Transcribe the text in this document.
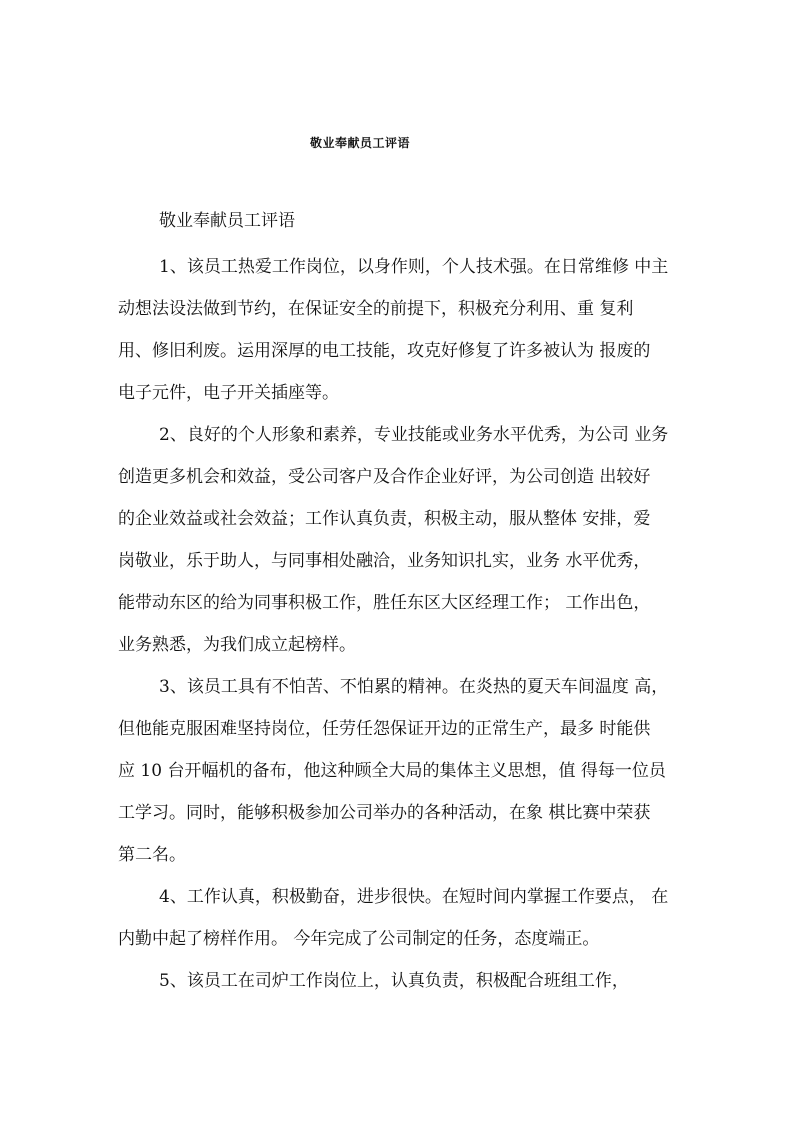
敬业奉献员工评语
敬业奉献员工评语
1、该员工热爱工作岗位，以身作则，个人技术强。在日常维修 中主
动想法设法做到节约，在保证安全的前提下，积极充分利用、重 复利
用、修旧利废。运用深厚的电工技能，攻克好修复了许多被认为 报废的
电子元件，电子开关插座等。
2、良好的个人形象和素养，专业技能或业务水平优秀，为公司 业务
创造更多机会和效益，受公司客户及合作企业好评，为公司创造 出较好
的企业效益或社会效益；工作认真负责，积极主动，服从整体 安排，爱
岗敬业，乐于助人，与同事相处融洽，业务知识扎实，业务 水平优秀，
能带动东区的给为同事积极工作，胜任东区大区经理工作； 工作出色，
业务熟悉，为我们成立起榜样。
3、该员工具有不怕苦、不怕累的精神。在炎热的夏天车间温度 高，
但他能克服困难坚持岗位，任劳任怨保证开边的正常生产，最多 时能供
应 10 台开幅机的备布，他这种顾全大局的集体主义思想，值 得每一位员
工学习。同时，能够积极参加公司举办的各种活动，在象 棋比赛中荣获
第二名。
4、工作认真，积极勤奋，进步很快。在短时间内掌握工作要点， 在
内勤中起了榜样作用。 今年完成了公司制定的任务，态度端正。
5、该员工在司炉工作岗位上，认真负责，积极配合班组工作，
